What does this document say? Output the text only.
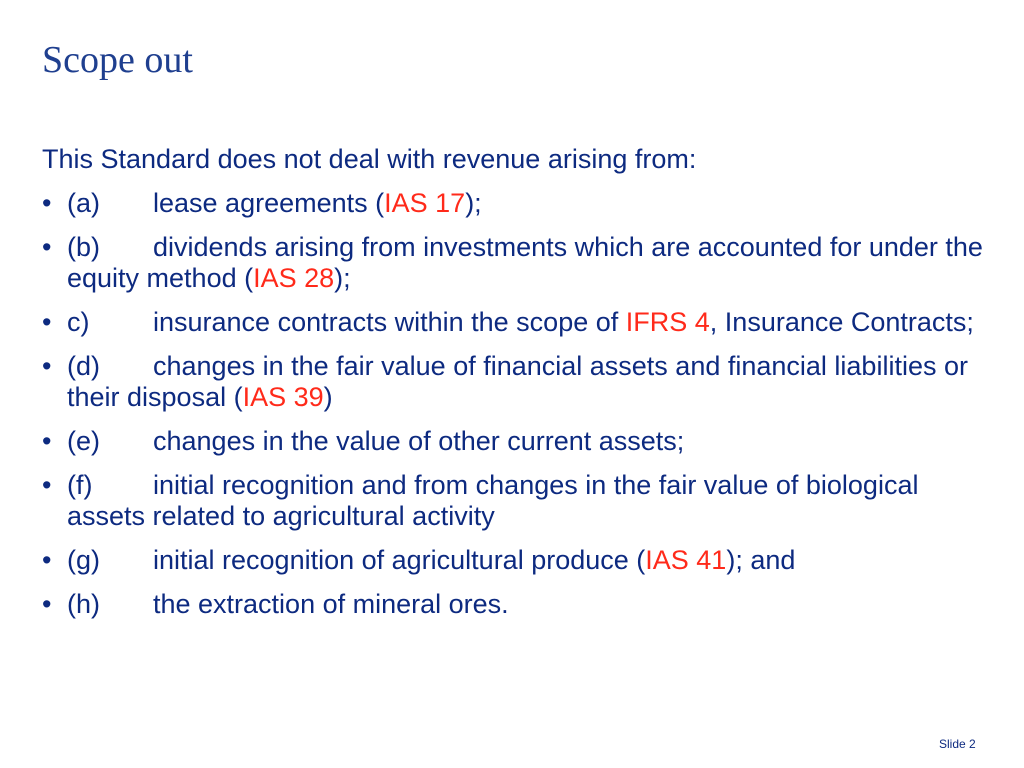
Scope out

This Standard does not deal with revenue arising from:

• (a) lease agreements (IAS 17);
• (b) dividends arising from investments which are accounted for under the equity method (IAS 28);
• c) insurance contracts within the scope of IFRS 4, Insurance Contracts;
• (d) changes in the fair value of financial assets and financial liabilities or their disposal (IAS 39)
• (e) changes in the value of other current assets;
• (f) initial recognition and from changes in the fair value of biological assets related to agricultural activity
• (g) initial recognition of agricultural produce (IAS 41); and
• (h) the extraction of mineral ores.
Slide 2
